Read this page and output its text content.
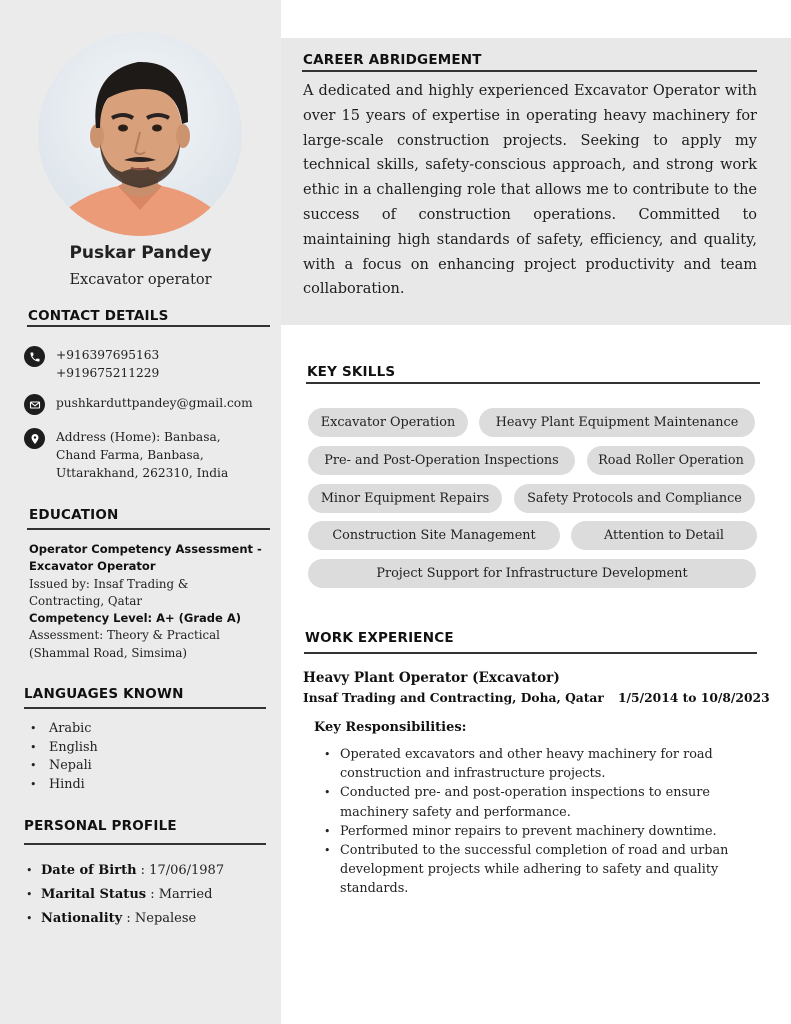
Puskar Pandey
Excavator operator
CONTACT DETAILS
+916397695163
+919675211229
pushkarduttpandey@gmail.com
Address (Home): Banbasa,
Chand Farma, Banbasa,
Uttarakhand, 262310, India
EDUCATION
Operator Competency Assessment -
Excavator Operator
Issued by: Insaf Trading &
Contracting, Qatar
Competency Level: A+ (Grade A)
Assessment: Theory & Practical
(Shammal Road, Simsima)
LANGUAGES KNOWN
• Arabic
• English
• Nepali
• Hindi
PERSONAL PROFILE
• Date of Birth : 17/06/1987
• Marital Status : Married
• Nationality : Nepalese
CAREER ABRIDGEMENT
A dedicated and highly experienced Excavator Operator with over 15 years of expertise in operating heavy machinery for large-scale construction projects. Seeking to apply my technical skills, safety-conscious approach, and strong work ethic in a challenging role that allows me to contribute to the success of construction operations. Committed to maintaining high standards of safety, efficiency, and quality, with a focus on enhancing project productivity and team collaboration.
KEY SKILLS
Excavator Operation	Heavy Plant Equipment Maintenance
Pre- and Post-Operation Inspections	Road Roller Operation
Minor Equipment Repairs	Safety Protocols and Compliance
Construction Site Management	Attention to Detail
Project Support for Infrastructure Development
WORK EXPERIENCE
Heavy Plant Operator (Excavator)
Insaf Trading and Contracting, Doha, Qatar 1/5/2014 to 10/8/2023
Key Responsibilities:
• Operated excavators and other heavy machinery for road construction and infrastructure projects.
• Conducted pre- and post-operation inspections to ensure machinery safety and performance.
• Performed minor repairs to prevent machinery downtime.
• Contributed to the successful completion of road and urban development projects while adhering to safety and quality standards.
